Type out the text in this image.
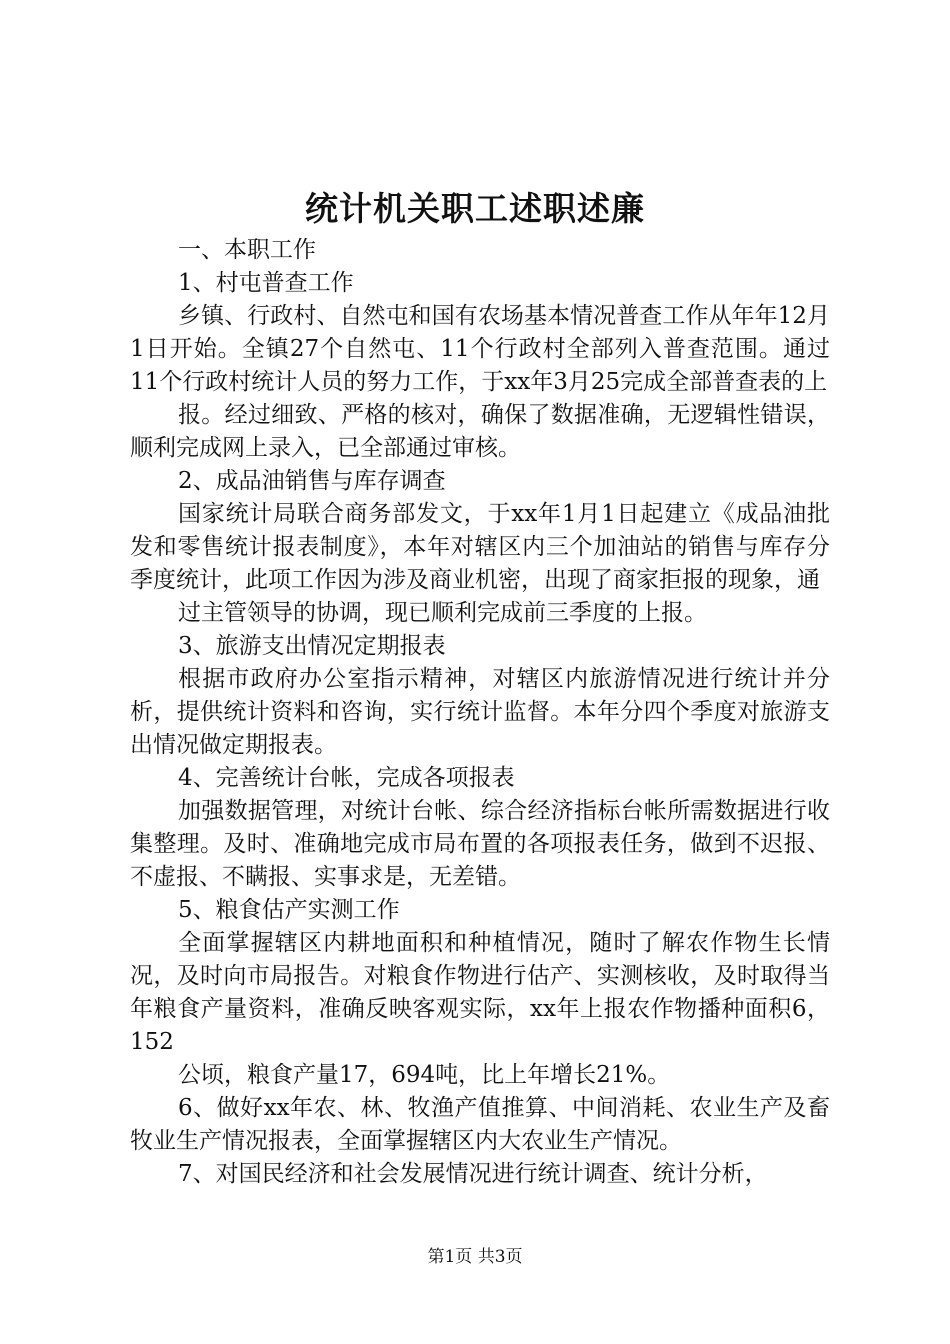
统计机关职工述职述廉

一、本职工作

1、村屯普查工作

乡镇、行政村、自然屯和国有农场基本情况普查工作从年年12月1日开始。全镇27个自然屯、11个行政村全部列入普查范围。通过11个行政村统计人员的努力工作，于xx年3月25完成全部普查表的上

报。经过细致、严格的核对，确保了数据准确，无逻辑性错误，顺利完成网上录入，已全部通过审核。

2、成品油销售与库存调查

国家统计局联合商务部发文，于xx年1月1日起建立《成品油批发和零售统计报表制度》，本年对辖区内三个加油站的销售与库存分季度统计，此项工作因为涉及商业机密，出现了商家拒报的现象，通

过主管领导的协调，现已顺利完成前三季度的上报。

3、旅游支出情况定期报表

根据市政府办公室指示精神，对辖区内旅游情况进行统计并分析，提供统计资料和咨询，实行统计监督。本年分四个季度对旅游支出情况做定期报表。

4、完善统计台帐，完成各项报表

加强数据管理，对统计台帐、综合经济指标台帐所需数据进行收集整理。及时、准确地完成市局布置的各项报表任务，做到不迟报、不虚报、不瞒报、实事求是，无差错。

5、粮食估产实测工作

全面掌握辖区内耕地面积和种植情况，随时了解农作物生长情况，及时向市局报告。对粮食作物进行估产、实测核收，及时取得当年粮食产量资料，准确反映客观实际，xx年上报农作物播种面积6，152

公顷，粮食产量17，694吨，比上年增长21%。

6、做好xx年农、林、牧渔产值推算、中间消耗、农业生产及畜牧业生产情况报表，全面掌握辖区内大农业生产情况。

7、对国民经济和社会发展情况进行统计调查、统计分析，

第1页 共3页
